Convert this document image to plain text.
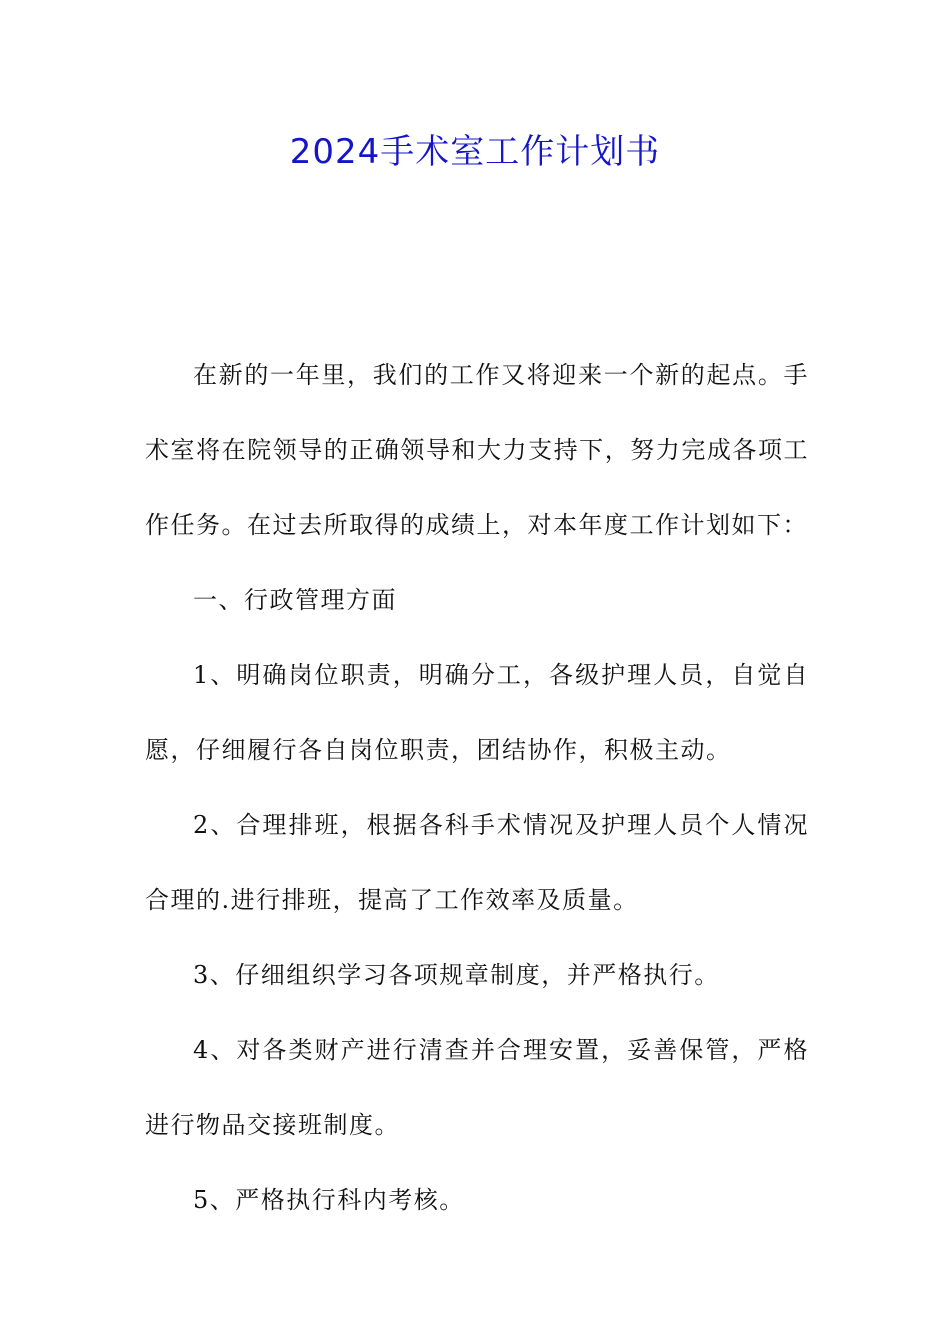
2024手术室工作计划书

在新的一年里，我们的工作又将迎来一个新的起点。手术室将在院领导的正确领导和大力支持下，努力完成各项工作任务。在过去所取得的成绩上，对本年度工作计划如下：

一、行政管理方面

1、明确岗位职责，明确分工，各级护理人员，自觉自愿，仔细履行各自岗位职责，团结协作，积极主动。

2、合理排班，根据各科手术情况及护理人员个人情况合理的.进行排班，提高了工作效率及质量。

3、仔细组织学习各项规章制度，并严格执行。

4、对各类财产进行清查并合理安置，妥善保管，严格进行物品交接班制度。

5、严格执行科内考核。
